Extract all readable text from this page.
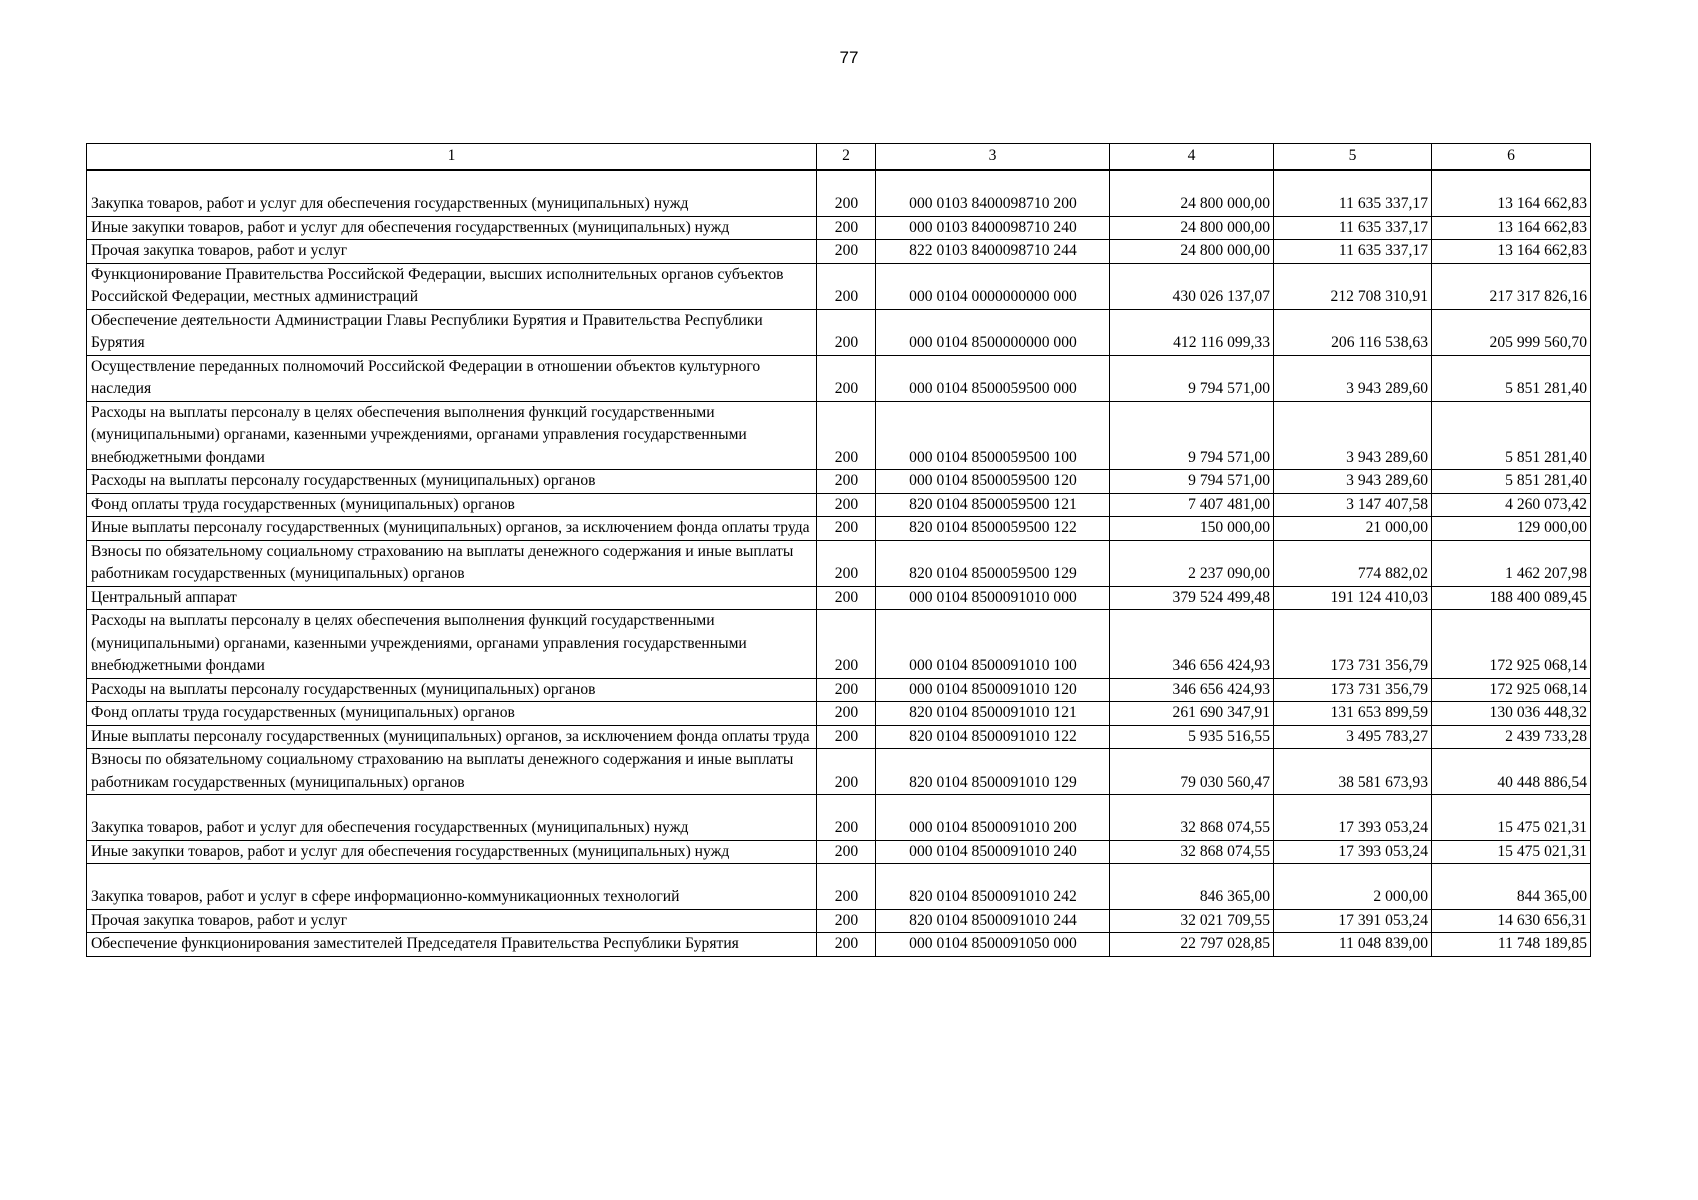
77
1	2	3	4	5	6
Закупка товаров, работ и услуг для обеспечения государственных (муниципальных) нужд	200	000 0103 8400098710 200	24 800 000,00	11 635 337,17	13 164 662,83
Иные закупки товаров, работ и услуг для обеспечения государственных (муниципальных) нужд	200	000 0103 8400098710 240	24 800 000,00	11 635 337,17	13 164 662,83
Прочая закупка товаров, работ и услуг	200	822 0103 8400098710 244	24 800 000,00	11 635 337,17	13 164 662,83
Функционирование Правительства Российской Федерации, высших исполнительных органов субъектов Российской Федерации, местных администраций	200	000 0104 0000000000 000	430 026 137,07	212 708 310,91	217 317 826,16
Обеспечение деятельности Администрации Главы Республики Бурятия и Правительства Республики Бурятия	200	000 0104 8500000000 000	412 116 099,33	206 116 538,63	205 999 560,70
Осуществление переданных полномочий Российской Федерации в отношении объектов культурного наследия	200	000 0104 8500059500 000	9 794 571,00	3 943 289,60	5 851 281,40
Расходы на выплаты персоналу в целях обеспечения выполнения функций государственными (муниципальными) органами, казенными учреждениями, органами управления государственными внебюджетными фондами	200	000 0104 8500059500 100	9 794 571,00	3 943 289,60	5 851 281,40
Расходы на выплаты персоналу государственных (муниципальных) органов	200	000 0104 8500059500 120	9 794 571,00	3 943 289,60	5 851 281,40
Фонд оплаты труда государственных (муниципальных) органов	200	820 0104 8500059500 121	7 407 481,00	3 147 407,58	4 260 073,42
Иные выплаты персоналу государственных (муниципальных) органов, за исключением фонда оплаты труда	200	820 0104 8500059500 122	150 000,00	21 000,00	129 000,00
Взносы по обязательному социальному страхованию на выплаты денежного содержания и иные выплаты работникам государственных (муниципальных) органов	200	820 0104 8500059500 129	2 237 090,00	774 882,02	1 462 207,98
Центральный аппарат	200	000 0104 8500091010 000	379 524 499,48	191 124 410,03	188 400 089,45
Расходы на выплаты персоналу в целях обеспечения выполнения функций государственными (муниципальными) органами, казенными учреждениями, органами управления государственными внебюджетными фондами	200	000 0104 8500091010 100	346 656 424,93	173 731 356,79	172 925 068,14
Расходы на выплаты персоналу государственных (муниципальных) органов	200	000 0104 8500091010 120	346 656 424,93	173 731 356,79	172 925 068,14
Фонд оплаты труда государственных (муниципальных) органов	200	820 0104 8500091010 121	261 690 347,91	131 653 899,59	130 036 448,32
Иные выплаты персоналу государственных (муниципальных) органов, за исключением фонда оплаты труда	200	820 0104 8500091010 122	5 935 516,55	3 495 783,27	2 439 733,28
Взносы по обязательному социальному страхованию на выплаты денежного содержания и иные выплаты работникам государственных (муниципальных) органов	200	820 0104 8500091010 129	79 030 560,47	38 581 673,93	40 448 886,54
Закупка товаров, работ и услуг для обеспечения государственных (муниципальных) нужд	200	000 0104 8500091010 200	32 868 074,55	17 393 053,24	15 475 021,31
Иные закупки товаров, работ и услуг для обеспечения государственных (муниципальных) нужд	200	000 0104 8500091010 240	32 868 074,55	17 393 053,24	15 475 021,31
Закупка товаров, работ и услуг в сфере информационно-коммуникационных технологий	200	820 0104 8500091010 242	846 365,00	2 000,00	844 365,00
Прочая закупка товаров, работ и услуг	200	820 0104 8500091010 244	32 021 709,55	17 391 053,24	14 630 656,31
Обеспечение функционирования заместителей Председателя Правительства Республики Бурятия	200	000 0104 8500091050 000	22 797 028,85	11 048 839,00	11 748 189,85
